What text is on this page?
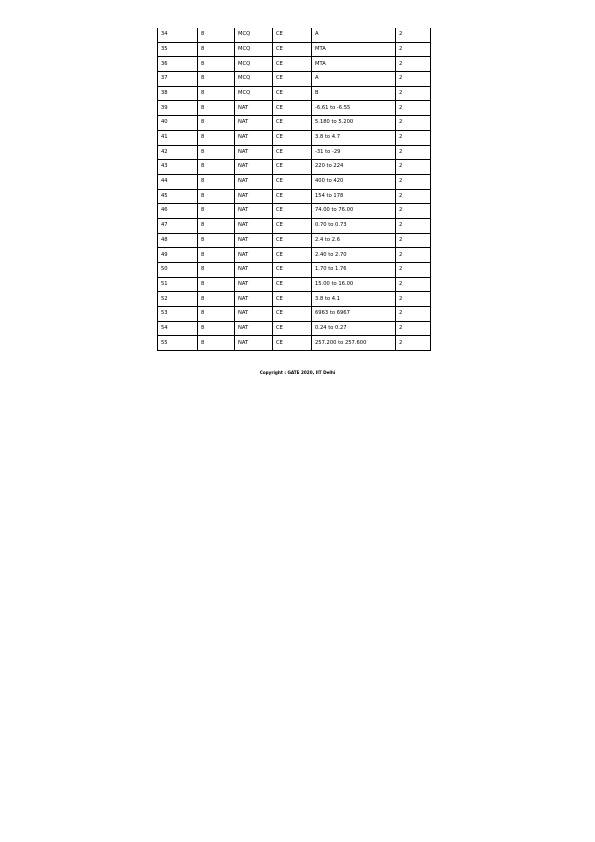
34	8	MCQ	CE	A	2
35	8	MCQ	CE	MTA	2
36	8	MCQ	CE	MTA	2
37	8	MCQ	CE	A	2
38	8	MCQ	CE	B	2
39	8	NAT	CE	-6.61 to -6.55	2
40	8	NAT	CE	5.180 to 5.200	2
41	8	NAT	CE	3.8 to 4.7	2
42	8	NAT	CE	-31 to -29	2
43	8	NAT	CE	220 to 224	2
44	8	NAT	CE	400 to 420	2
45	8	NAT	CE	154 to 178	2
46	8	NAT	CE	74.00 to 76.00	2
47	8	NAT	CE	0.70 to 0.73	2
48	8	NAT	CE	2.4 to 2.6	2
49	8	NAT	CE	2.40 to 2.70	2
50	8	NAT	CE	1.70 to 1.76	2
51	8	NAT	CE	15.00 to 16.00	2
52	8	NAT	CE	3.8 to 4.1	2
53	8	NAT	CE	6963 to 6967	2
54	8	NAT	CE	0.24 to 0.27	2
55	8	NAT	CE	257.200 to 257.600	2
Copyright : GATE 2020, IIT Delhi
